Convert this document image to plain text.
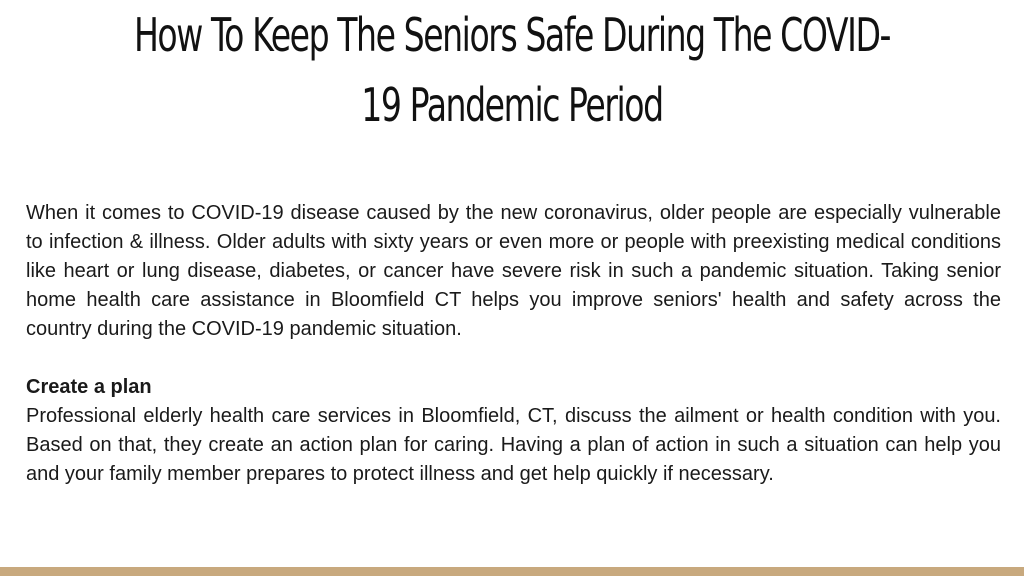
How To Keep The Seniors Safe During The COVID-
19 Pandemic Period

When it comes to COVID-19 disease caused by the new coronavirus, older people are especially vulnerable to infection & illness. Older adults with sixty years or even more or people with preexisting medical conditions like heart or lung disease, diabetes, or cancer have severe risk in such a pandemic situation. Taking senior home health care assistance in Bloomfield CT helps you improve seniors' health and safety across the country during the COVID-19 pandemic situation.

Create a plan

Professional elderly health care services in Bloomfield, CT, discuss the ailment or health condition with you. Based on that, they create an action plan for caring. Having a plan of action in such a situation can help you and your family member prepares to protect illness and get help quickly if necessary.
